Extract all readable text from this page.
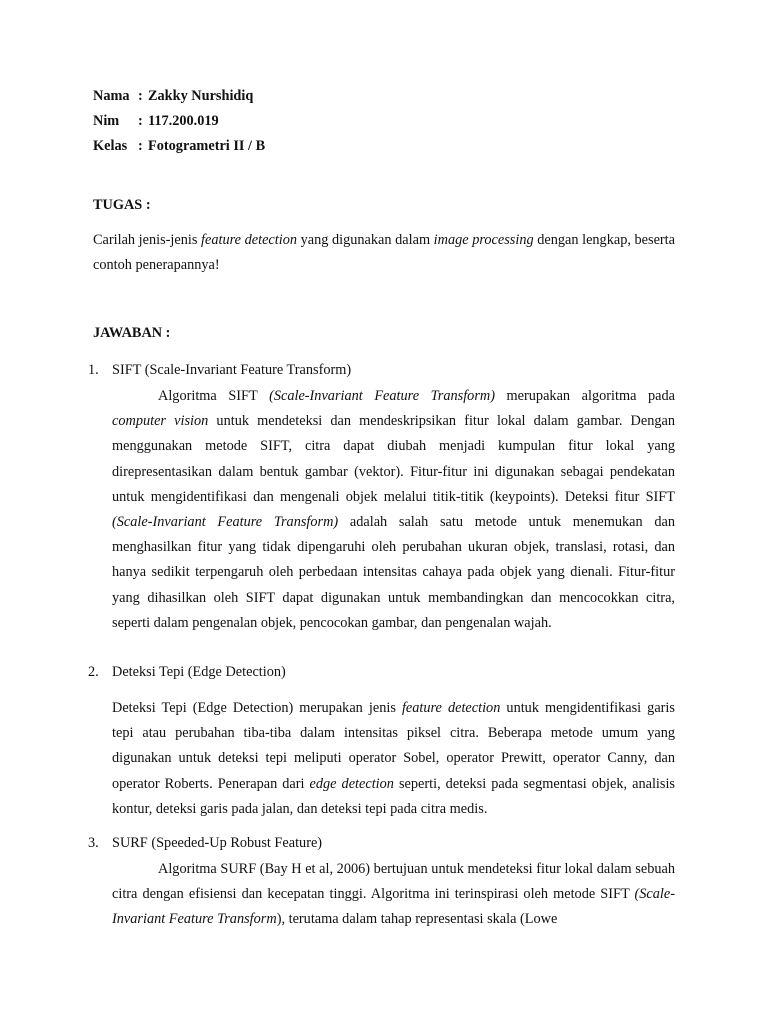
Nama : Zakky Nurshidiq
Nim : 117.200.019
Kelas : Fotogrametri II / B
TUGAS :
Carilah jenis-jenis feature detection yang digunakan dalam image processing dengan lengkap, beserta contoh penerapannya!
JAWABAN :
1. SIFT (Scale-Invariant Feature Transform)
Algoritma SIFT (Scale-Invariant Feature Transform) merupakan algoritma pada computer vision untuk mendeteksi dan mendeskripsikan fitur lokal dalam gambar. Dengan menggunakan metode SIFT, citra dapat diubah menjadi kumpulan fitur lokal yang direpresentasikan dalam bentuk gambar (vektor). Fitur-fitur ini digunakan sebagai pendekatan untuk mengidentifikasi dan mengenali objek melalui titik-titik (keypoints). Deteksi fitur SIFT (Scale-Invariant Feature Transform) adalah salah satu metode untuk menemukan dan menghasilkan fitur yang tidak dipengaruhi oleh perubahan ukuran objek, translasi, rotasi, dan hanya sedikit terpengaruh oleh perbedaan intensitas cahaya pada objek yang dienali. Fitur-fitur yang dihasilkan oleh SIFT dapat digunakan untuk membandingkan dan mencocokkan citra, seperti dalam pengenalan objek, pencocokan gambar, dan pengenalan wajah.
2. Deteksi Tepi (Edge Detection)
Deteksi Tepi (Edge Detection) merupakan jenis feature detection untuk mengidentifikasi garis tepi atau perubahan tiba-tiba dalam intensitas piksel citra. Beberapa metode umum yang digunakan untuk deteksi tepi meliputi operator Sobel, operator Prewitt, operator Canny, dan operator Roberts. Penerapan dari edge detection seperti, deteksi pada segmentasi objek, analisis kontur, deteksi garis pada jalan, dan deteksi tepi pada citra medis.
3. SURF (Speeded-Up Robust Feature)
Algoritma SURF (Bay H et al, 2006) bertujuan untuk mendeteksi fitur lokal dalam sebuah citra dengan efisiensi dan kecepatan tinggi. Algoritma ini terinspirasi oleh metode SIFT (Scale-Invariant Feature Transform), terutama dalam tahap representasi skala (Lowe
